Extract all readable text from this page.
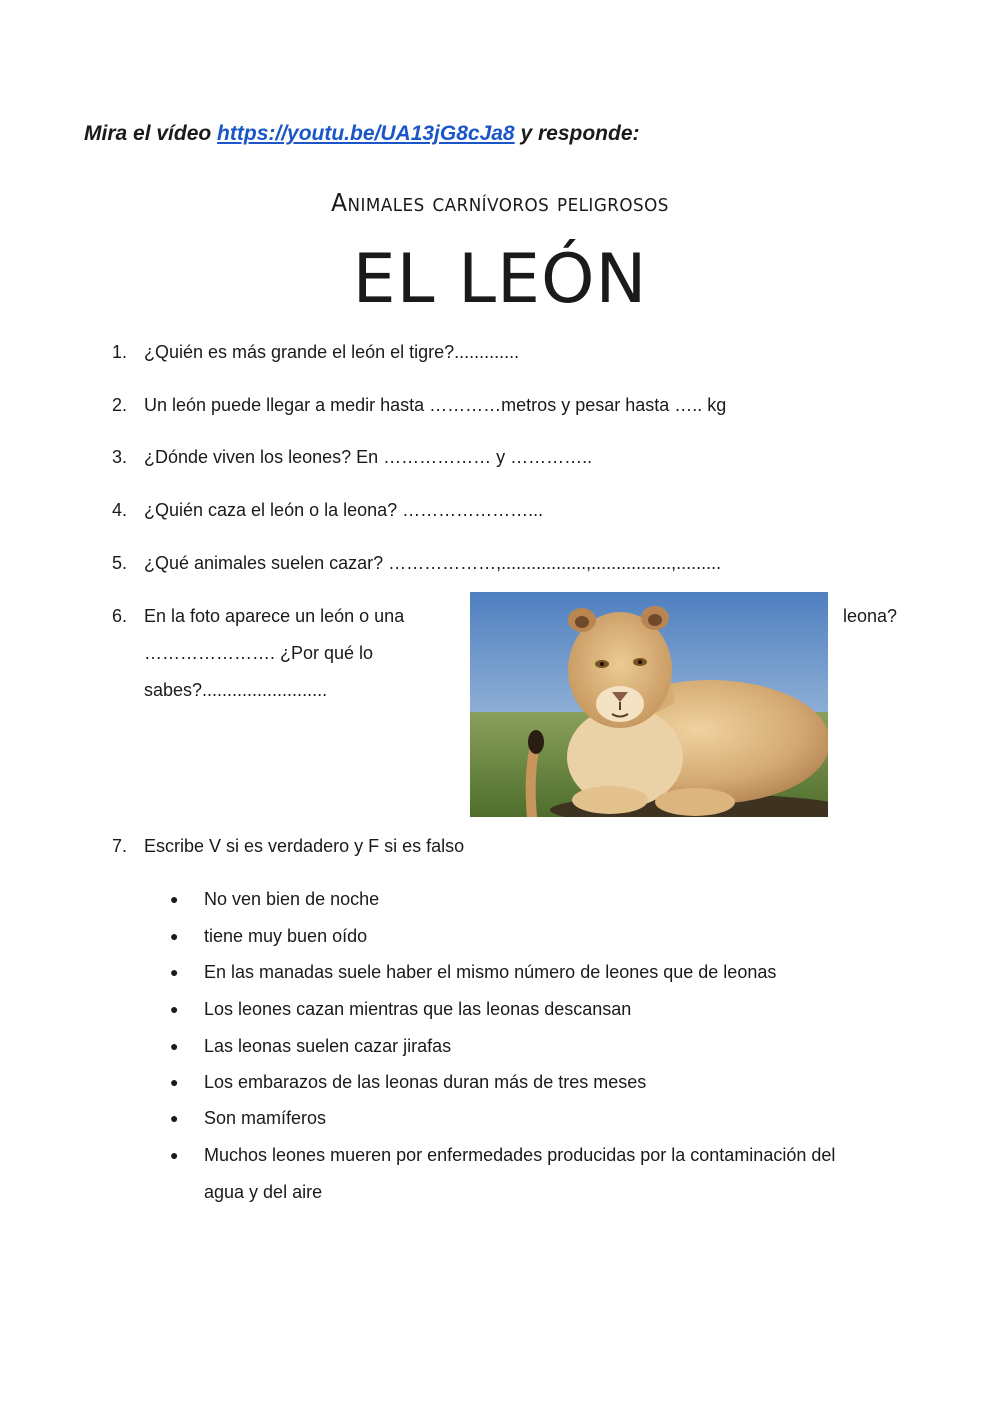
Mira el vídeo https://youtu.be/UA13jG8cJa8 y responde:

Animales carnívoros peligrosos
EL LEÓN
1. ¿Quién es más grande el león el tigre?.............
2. Un león puede llegar a medir hasta …………metros y pesar hasta ….. kg
3. ¿Dónde viven los leones? En ……………… y …………..
4. ¿Quién caza el león o la leona? …………………...
5. ¿Qué animales suelen cazar? ………………,.................,................,.........
6. En la foto aparece un león o una	leona?
…………………. ¿Por qué lo
sabes?.........................
7. Escribe V si es verdadero y F si es falso
● No ven bien de noche
● tiene muy buen oído
● En las manadas suele haber el mismo número de leones que de leonas
● Los leones cazan mientras que las leonas descansan
● Las leonas suelen cazar jirafas
● Los embarazos de las leonas duran más de tres meses
● Son mamíferos
● Muchos leones mueren por enfermedades producidas por la contaminación del
agua y del aire
